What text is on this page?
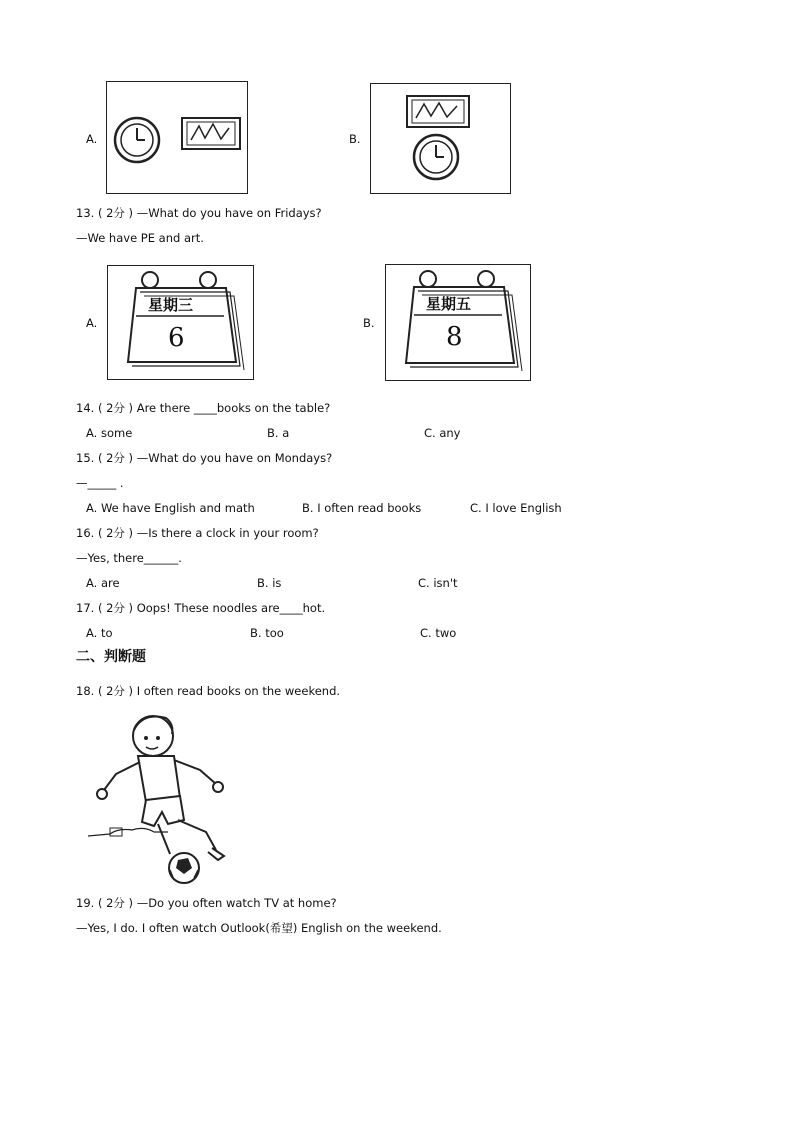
A.	B.
13. ( 2分 ) —What do you have on Fridays?
—We have PE and art.
A.
星期三
6	B.
星期五
8
14. ( 2分 ) Are there ____books on the table?
A. some	B. a	C. any
15. ( 2分 ) —What do you have on Mondays?
—_____ .
A. We have English and math	B. I often read books	C. I love English
16. ( 2分 ) —Is there a clock in your room?
—Yes, there______.
A. are	B. is	C. isn't
17. ( 2分 ) Oops! These noodles are____hot.
A. to	B. too	C. two
二、判断题
18. ( 2分 ) I often read books on the weekend.
19. ( 2分 ) —Do you often watch TV at home?
—Yes, I do. I often watch Outlook(希望) English on the weekend.
